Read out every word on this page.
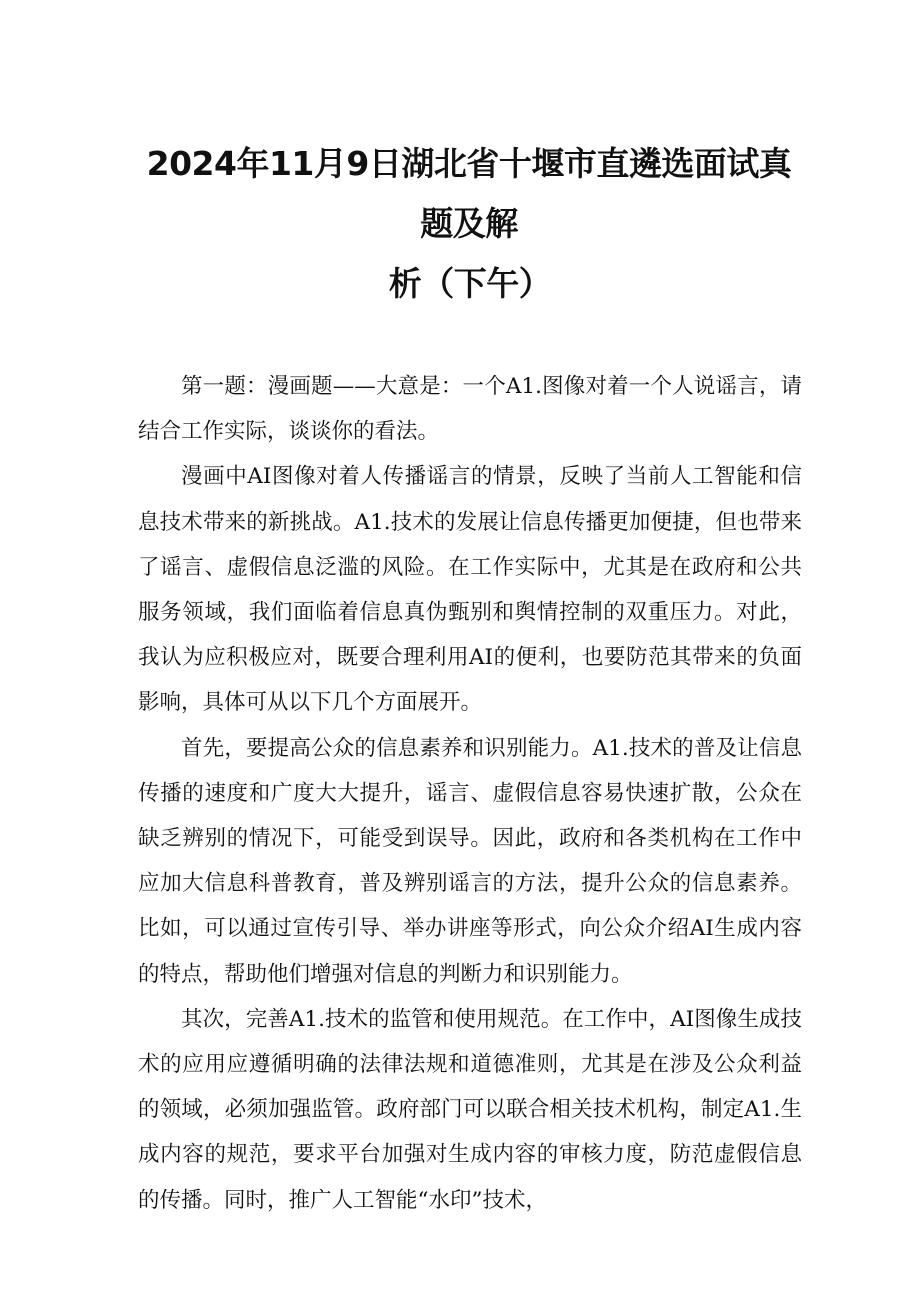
2024年11月9日湖北省十堰市直遴选面试真题及解
析（下午）

第一题：漫画题——大意是：一个A1.图像对着一个人说谣言，请结合工作实际，谈谈你的看法。

漫画中AI图像对着人传播谣言的情景，反映了当前人工智能和信息技术带来的新挑战。A1.技术的发展让信息传播更加便捷，但也带来了谣言、虚假信息泛滥的风险。在工作实际中，尤其是在政府和公共服务领域，我们面临着信息真伪甄别和舆情控制的双重压力。对此，我认为应积极应对，既要合理利用AI的便利，也要防范其带来的负面影响，具体可从以下几个方面展开。

首先，要提高公众的信息素养和识别能力。A1.技术的普及让信息传播的速度和广度大大提升，谣言、虚假信息容易快速扩散，公众在缺乏辨别的情况下，可能受到误导。因此，政府和各类机构在工作中应加大信息科普教育，普及辨别谣言的方法，提升公众的信息素养。比如，可以通过宣传引导、举办讲座等形式，向公众介绍AI生成内容的特点，帮助他们增强对信息的判断力和识别能力。

其次，完善A1.技术的监管和使用规范。在工作中，AI图像生成技术的应用应遵循明确的法律法规和道德准则，尤其是在涉及公众利益的领域，必须加强监管。政府部门可以联合相关技术机构，制定A1.生成内容的规范，要求平台加强对生成内容的审核力度，防范虚假信息的传播。同时，推广人工智能“水印”技术，
